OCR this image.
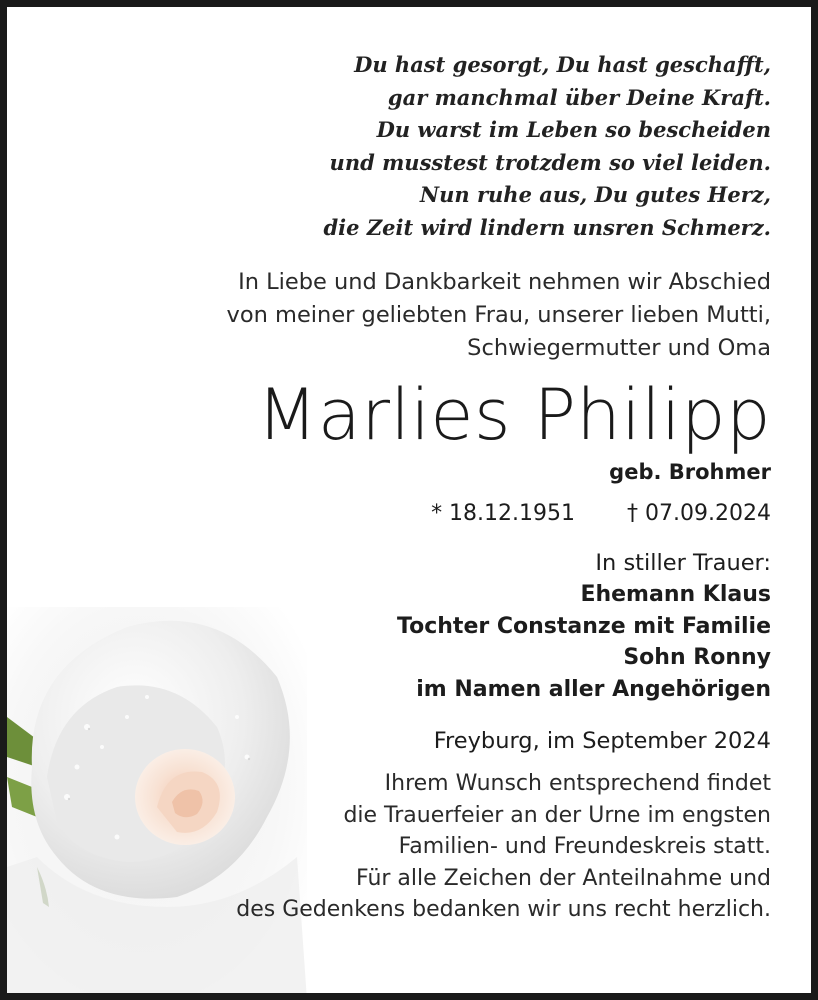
Du hast gesorgt, Du hast geschafft,
gar manchmal über Deine Kraft.
Du warst im Leben so bescheiden
und musstest trotzdem so viel leiden.
Nun ruhe aus, Du gutes Herz,
die Zeit wird lindern unsren Schmerz.
In Liebe und Dankbarkeit nehmen wir Abschied
von meiner geliebten Frau, unserer lieben Mutti,
Schwiegermutter und Oma
Marlies Philipp
geb. Brohmer
* 18.12.1951 † 07.09.2024
In stiller Trauer:
Ehemann Klaus
Tochter Constanze mit Familie
Sohn Ronny
im Namen aller Angehörigen
Freyburg, im September 2024
Ihrem Wunsch entsprechend findet
die Trauerfeier an der Urne im engsten
Familien- und Freundeskreis statt.
Für alle Zeichen der Anteilnahme und
des Gedenkens bedanken wir uns recht herzlich.
